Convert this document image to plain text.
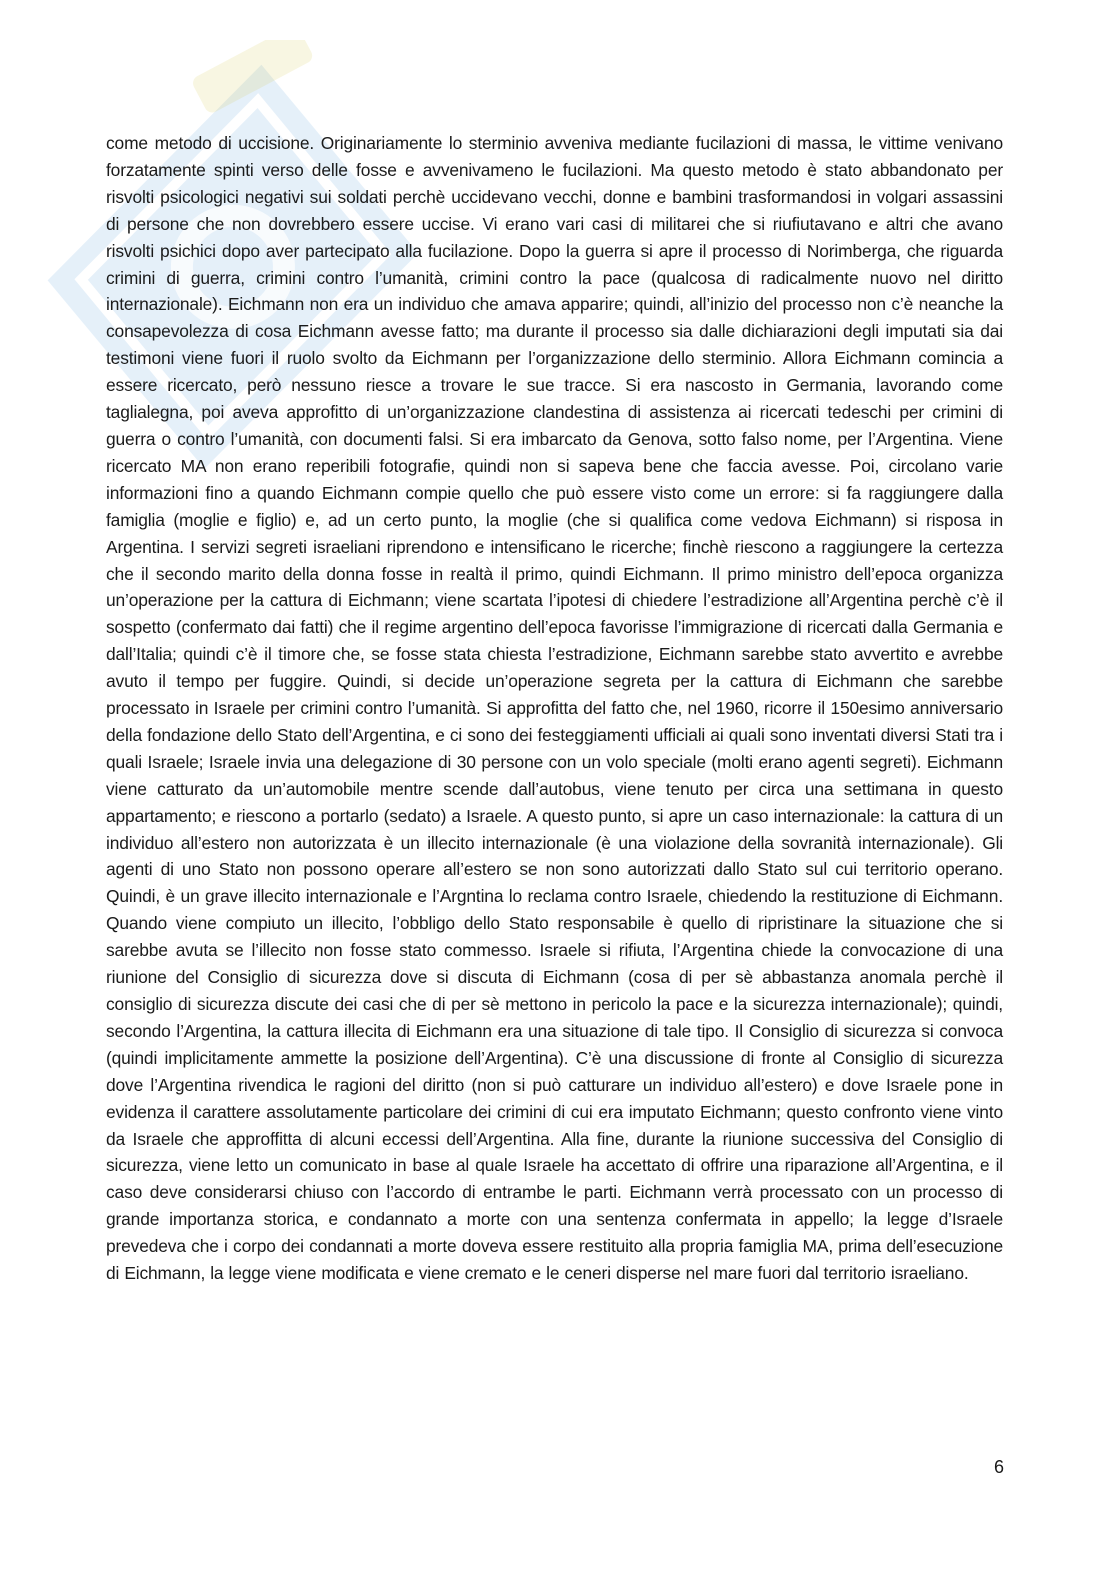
come metodo di uccisione. Originariamente lo sterminio avveniva mediante fucilazioni di massa, le vittime venivano forzatamente spinti verso delle fosse e avvenivameno le fucilazioni. Ma questo metodo è stato abbandonato per risvolti psicologici negativi sui soldati perchè uccidevano vecchi, donne e bambini trasformandosi in volgari assassini di persone che non dovrebbero essere uccise. Vi erano vari casi di militarei che si riufiutavano e altri che avano risvolti psichici dopo aver partecipato alla fucilazione. Dopo la guerra si apre il processo di Norimberga, che riguarda crimini di guerra, crimini contro l’umanità, crimini contro la pace (qualcosa di radicalmente nuovo nel diritto internazionale). Eichmann non era un individuo che amava apparire; quindi, all’inizio del processo non c’è neanche la consapevolezza di cosa Eichmann avesse fatto; ma durante il processo sia dalle dichiarazioni degli imputati sia dai testimoni viene fuori il ruolo svolto da Eichmann per l’organizzazione dello sterminio. Allora Eichmann comincia a essere ricercato, però nessuno riesce a trovare le sue tracce. Si era nascosto in Germania, lavorando come taglialegna, poi aveva approfitto di un’organizzazione clandestina di assistenza ai ricercati tedeschi per crimini di guerra o contro l’umanità, con documenti falsi. Si era imbarcato da Genova, sotto falso nome, per l’Argentina. Viene ricercato MA non erano reperibili fotografie, quindi non si sapeva bene che faccia avesse. Poi, circolano varie informazioni fino a quando Eichmann compie quello che può essere visto come un errore: si fa raggiungere dalla famiglia (moglie e figlio) e, ad un certo punto, la moglie (che si qualifica come vedova Eichmann) si risposa in Argentina. I servizi segreti israeliani riprendono e intensificano le ricerche; finchè riescono a raggiungere la certezza che il secondo marito della donna fosse in realtà il primo, quindi Eichmann. Il primo ministro dell’epoca organizza un’operazione per la cattura di Eichmann; viene scartata l’ipotesi di chiedere l’estradizione all’Argentina perchè c’è il sospetto (confermato dai fatti) che il regime argentino dell’epoca favorisse l’immigrazione di ricercati dalla Germania e dall’Italia; quindi c’è il timore che, se fosse stata chiesta l’estradizione, Eichmann sarebbe stato avvertito e avrebbe avuto il tempo per fuggire. Quindi, si decide un’operazione segreta per la cattura di Eichmann che sarebbe processato in Israele per crimini contro l’umanità. Si approfitta del fatto che, nel 1960, ricorre il 150esimo anniversario della fondazione dello Stato dell’Argentina, e ci sono dei festeggiamenti ufficiali ai quali sono inventati diversi Stati tra i quali Israele; Israele invia una delegazione di 30 persone con un volo speciale (molti erano agenti segreti). Eichmann viene catturato da un’automobile mentre scende dall’autobus, viene tenuto per circa una settimana in questo appartamento; e riescono a portarlo (sedato) a Israele. A questo punto, si apre un caso internazionale: la cattura di un individuo all’estero non autorizzata è un illecito internazionale (è una violazione della sovranità internazionale). Gli agenti di uno Stato non possono operare all’estero se non sono autorizzati dallo Stato sul cui territorio operano. Quindi, è un grave illecito internazionale e l’Argntina lo reclama contro Israele, chiedendo la restituzione di Eichmann. Quando viene compiuto un illecito, l’obbligo dello Stato responsabile è quello di ripristinare la situazione che si sarebbe avuta se l’illecito non fosse stato commesso. Israele si rifiuta, l’Argentina chiede la convocazione di una riunione del Consiglio di sicurezza dove si discuta di Eichmann (cosa di per sè abbastanza anomala perchè il consiglio di sicurezza discute dei casi che di per sè mettono in pericolo la pace e la sicurezza internazionale); quindi, secondo l’Argentina, la cattura illecita di Eichmann era una situazione di tale tipo. Il Consiglio di sicurezza si convoca (quindi implicitamente ammette la posizione dell’Argentina). C’è una discussione di fronte al Consiglio di sicurezza dove l’Argentina rivendica le ragioni del diritto (non si può catturare un individuo all’estero) e dove Israele pone in evidenza il carattere assolutamente particolare dei crimini di cui era imputato Eichmann; questo confronto viene vinto da Israele che approffitta di alcuni eccessi dell’Argentina. Alla fine, durante la riunione successiva del Consiglio di sicurezza, viene letto un comunicato in base al quale Israele ha accettato di offrire una riparazione all’Argentina, e il caso deve considerarsi chiuso con l’accordo di entrambe le parti. Eichmann verrà processato con un processo di grande importanza storica, e condannato a morte con una sentenza confermata in appello; la legge d’Israele prevedeva che i corpo dei condannati a morte doveva essere restituito alla propria famiglia MA, prima dell’esecuzione di Eichmann, la legge viene modificata e viene cremato e le ceneri disperse nel mare fuori dal territorio israeliano.

6
